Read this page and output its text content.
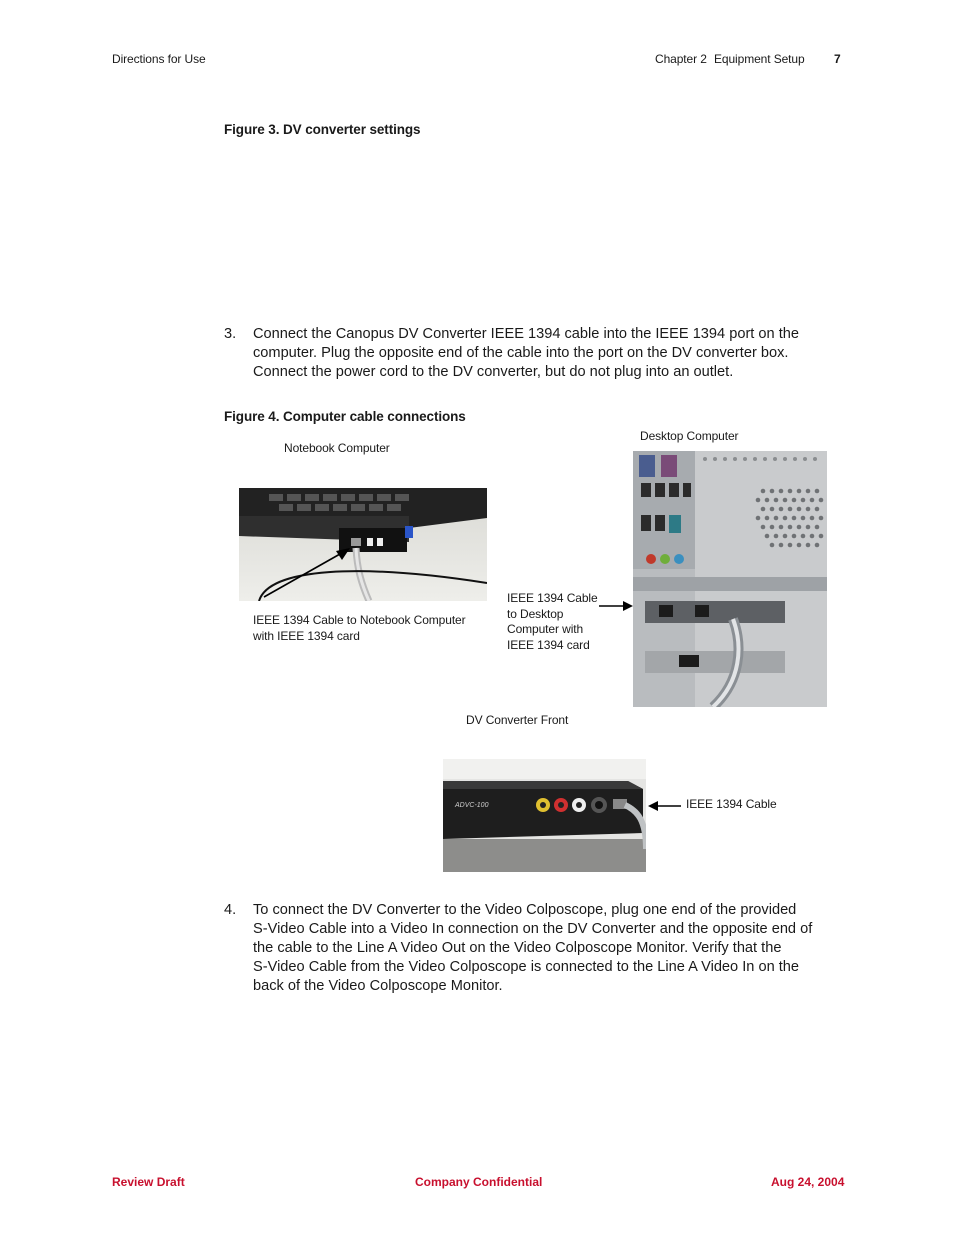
Directions for Use	Chapter 2 Equipment Setup 7
Figure 3. DV converter settings
3. Connect the Canopus DV Converter IEEE 1394 cable into the IEEE 1394 port on the
computer. Plug the opposite end of the cable into the port on the DV converter box.
Connect the power cord to the DV converter, but do not plug into an outlet.
Figure 4. Computer cable connections
Notebook Computer
Desktop Computer
IEEE 1394 Cable to Notebook Computer
with IEEE 1394 card
IEEE 1394 Cable
to Desktop
Computer with
IEEE 1394 card
DV Converter Front
ADVC-100	IEEE 1394 Cable
4. To connect the DV Converter to the Video Colposcope, plug one end of the provided
S-Video Cable into a Video In connection on the DV Converter and the opposite end of
the cable to the Line A Video Out on the Video Colposcope Monitor. Verify that the
S-Video Cable from the Video Colposcope is connected to the Line A Video In on the
back of the Video Colposcope Monitor.
Review Draft	Company Confidential	Aug 24, 2004
